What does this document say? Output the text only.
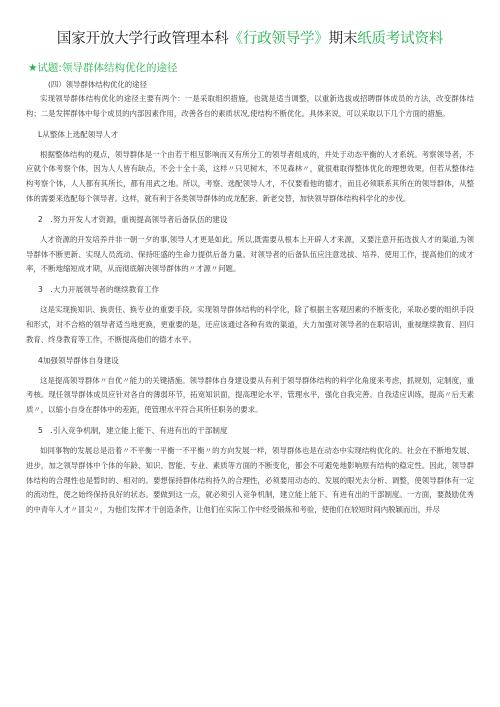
国家开放大学行政管理本科《行政领导学》期末纸质考试资料
★试题:领导群体结构优化的途径
(四）领导群体结构优化的途径

实现领导群体结构优化的途径主要有两个：一是采取组织措施，也就是适当调整，以重新选拔或招聘群体成员的方法，改变群体结构；二是发挥群体中每个成员的内部因素作用，改善各自的素质状况,使结构不断优化。具体来说，可以采取以下几个方面的措施。

L从整体上选配领导人才

根据整体结构的观点，领导群体是一个由若干相互影响而又有所分工的领导者组成的，并处于动态平衡的人才系统。考察领导者，不应就个体考察个体，因为人人皆有缺点，不会十全十美，这样〃只见树木，不见森林〃，就很难取得整体优化的理想效果。但若从整体结构考察个体，人人都有其所长，都有用武之地。所以，考察、选配领导人才，不仅要看他的德才，而且必须联系其所在的领导群体，从整体的需要来选配每个领导者。这样，就有利于各类领导群体的成龙配套、新老交替，加快领导群体结构科学化的步伐。

2　.努力开发人才资源，重视提高领导者后备队伍的建设

人才资源的开发培养并非一朝一夕的事,领导人才更是如此。所以,既需要从根本上开辟人才来源，又要注意开拓选拔人才的渠道,为领导群体不断更新、实现人员流动、保持旺盛的生命力提供后备力量。对领导者的后备队伍应注意选拔、培养、使用工作，提高他们的成才率，不断地缩短成才期，从而彻底解决领导群体的〃才源〃问题。

3　.大力开展领导者的继续教育工作

这是实现换知识、换责任、换专业的重要手段。实现领导群体结构的科学化，除了根据主客观因素的不断变化，采取必要的组织手段和形式，对不合格的领导者适当地更换，更重要的是，还应该通过各种有效的渠道，大力加强对领导者的在职培训，重视继续教育、回归教育、终身教育等工作，不断提高他们的德才水平。

4加强领导群体自身建设

这是提高领导群体〃自优〃能力的关键措施。领导群体自身建设要从有利于领导群体结构的科学化角度来考虑，抓规划，定制度，重考核。现任领导群体成员应针对各自的薄弱环节，拓宽知识面，提高理论水平、管理水平，强化自我完善、自我适应训练，提高〃后天素质〃，以缩小自身在群体中的差距，使管理水平符合其所任职务的要求。

5　.引入竞争机制，建立能上能下、有进有出的干部制度

如同事物的发展总是沿着〃不平衡一平衡一不平衡〃的方向发展一样，领导群体也是在动态中实现结构优化的。社会在不断地发展、进步，加之领导群体中个体的年龄、知识、智能、专业、素质等方面的不断变化，都会不可避免地影响原有结构的稳定性。因此，领导群体结构的合理性也是暂时的、相对的。要想保持群体结构持久的合理性，必须要用动态的、发展的眼光去分析、调整，使领导群体有一定的流动性，使之始终保持良好的状态。要做到这一点，就必须引入竞争机制，建立能上能下、有进有出的干部制度。一方面，要鼓励优秀的中青年人才〃冒尖〃，为他们发挥才干创造条件，让他们在实际工作中经受锻炼和考验，使他们在较短时间内脱颖而出，并尽
